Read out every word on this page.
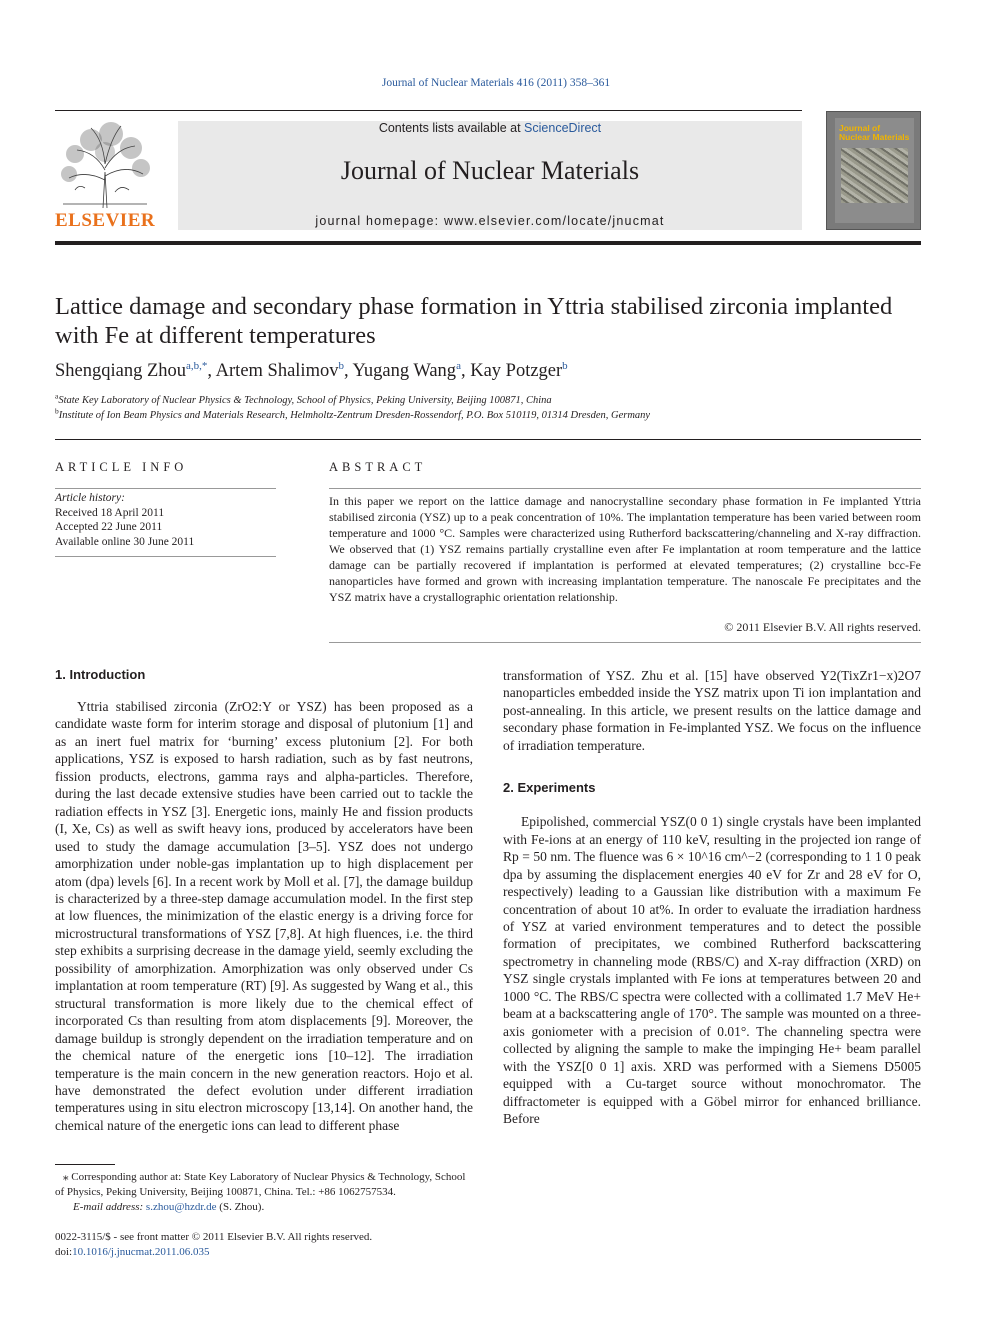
Journal of Nuclear Materials 416 (2011) 358–361
ELSEVIER
Contents lists available at ScienceDirect
Journal of Nuclear Materials
journal homepage: www.elsevier.com/locate/jnucmat
Journal of Nuclear Materials
Lattice damage and secondary phase formation in Yttria stabilised zirconia implanted with Fe at different temperatures
Shengqiang Zhou$^{a,b,*}$, Artem Shalimov$^b$, Yugang Wang$^a$, Kay Potzger$^b$
$^a$State Key Laboratory of Nuclear Physics & Technology, School of Physics, Peking University, Beijing 100871, China
$^b$Institute of Ion Beam Physics and Materials Research, Helmholtz-Zentrum Dresden-Rossendorf, P.O. Box 510119, 01314 Dresden, Germany
ARTICLE INFO
Article history:
Received 18 April 2011
Accepted 22 June 2011
Available online 30 June 2011
ABSTRACT
In this paper we report on the lattice damage and nanocrystalline secondary phase formation in Fe implanted Yttria stabilised zirconia (YSZ) up to a peak concentration of 10%. The implantation temperature has been varied between room temperature and 1000 °C. Samples were characterized using Rutherford backscattering/channeling and X-ray diffraction. We observed that (1) YSZ remains partially crystalline even after Fe implantation at room temperature and the lattice damage can be partially recovered if implantation is performed at elevated temperatures; (2) crystalline bcc-Fe nanoparticles have formed and grown with increasing implantation temperature. The nanoscale Fe precipitates and the YSZ matrix have a crystallographic orientation relationship.
© 2011 Elsevier B.V. All rights reserved.
1. Introduction
Yttria stabilised zirconia (ZrO2:Y or YSZ) has been proposed as a candidate waste form for interim storage and disposal of plutonium [1] and as an inert fuel matrix for ‘burning’ excess plutonium [2]. For both applications, YSZ is exposed to harsh radiation, such as by fast neutrons, fission products, electrons, gamma rays and alpha-particles. Therefore, during the last decade extensive studies have been carried out to tackle the radiation effects in YSZ [3]. Energetic ions, mainly He and fission products (I, Xe, Cs) as well as swift heavy ions, produced by accelerators have been used to study the damage accumulation [3–5]. YSZ does not undergo amorphization under noble-gas implantation up to high displacement per atom (dpa) levels [6]. In a recent work by Moll et al. [7], the damage buildup is characterized by a three-step damage accumulation model. In the first step at low fluences, the minimization of the elastic energy is a driving force for microstructural transformations of YSZ [7,8]. At high fluences, i.e. the third step exhibits a surprising decrease in the damage yield, seemly excluding the possibility of amorphization. Amorphization was only observed under Cs implantation at room temperature (RT) [9]. As suggested by Wang et al., this structural transformation is more likely due to the chemical effect of incorporated Cs than resulting from atom displacements [9]. Moreover, the damage buildup is strongly dependent on the irradiation temperature and on the chemical nature of the energetic ions [10–12]. The irradiation temperature is the main concern in the new generation reactors. Hojo et al. have demonstrated the defect evolution under different irradiation temperatures using in situ electron microscopy [13,14]. On another hand, the chemical nature of the energetic ions can lead to different phase
transformation of YSZ. Zhu et al. [15] have observed Y2(TixZr1−x)2O7 nanoparticles embedded inside the YSZ matrix upon Ti ion implantation and post-annealing. In this article, we present results on the lattice damage and secondary phase formation in Fe-implanted YSZ. We focus on the influence of irradiation temperature.
2. Experiments
Epipolished, commercial YSZ(0 0 1) single crystals have been implanted with Fe-ions at an energy of 110 keV, resulting in the projected ion range of Rp = 50 nm. The fluence was 6 × 10^16 cm^−2 (corresponding to 1 1 0 peak dpa by assuming the displacement energies 40 eV for Zr and 28 eV for O, respectively) leading to a Gaussian like distribution with a maximum Fe concentration of about 10 at%. In order to evaluate the irradiation hardness of YSZ at varied environment temperatures and to detect the possible formation of precipitates, we combined Rutherford backscattering spectrometry in channeling mode (RBS/C) and X-ray diffraction (XRD) on YSZ single crystals implanted with Fe ions at temperatures between 20 and 1000 °C. The RBS/C spectra were collected with a collimated 1.7 MeV He+ beam at a backscattering angle of 170°. The sample was mounted on a three-axis goniometer with a precision of 0.01°. The channeling spectra were collected by aligning the sample to make the impinging He+ beam parallel with the YSZ[0 0 1] axis. XRD was performed with a Siemens D5005 equipped with a Cu-target source without monochromator. The diffractometer is equipped with a Göbel mirror for enhanced brilliance. Before
⁎ Corresponding author at: State Key Laboratory of Nuclear Physics & Technology, School of Physics, Peking University, Beijing 100871, China. Tel.: +86 1062757534.
E-mail address: s.zhou@hzdr.de (S. Zhou).
0022-3115/$ - see front matter © 2011 Elsevier B.V. All rights reserved.
doi:10.1016/j.jnucmat.2011.06.035
